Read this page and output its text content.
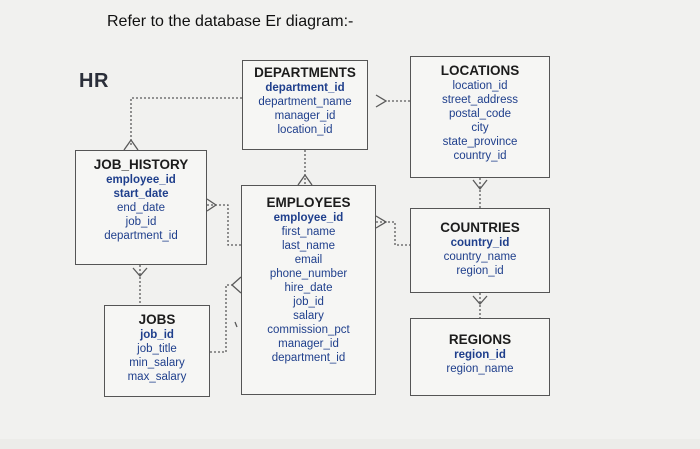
Refer to the database Er diagram:-
HR	LOCATIONS
location_id
street_address
postal_code
city
state_province
country_id
DEPARTMENTS
department_id
department_name
manager_id
location_id
JOB_HISTORY
employee_id
start_date
end_date
job_id
department_id
EMPLOYEES
employee_id
first_name
last_name
email
phone_number
hire_date
job_id
salary
commission_pct
manager_id
department_id
COUNTRIES
country_id
country_name
region_id
JOBS
job_id
job_title
min_salary
max_salary
REGIONS
region_id
region_name
